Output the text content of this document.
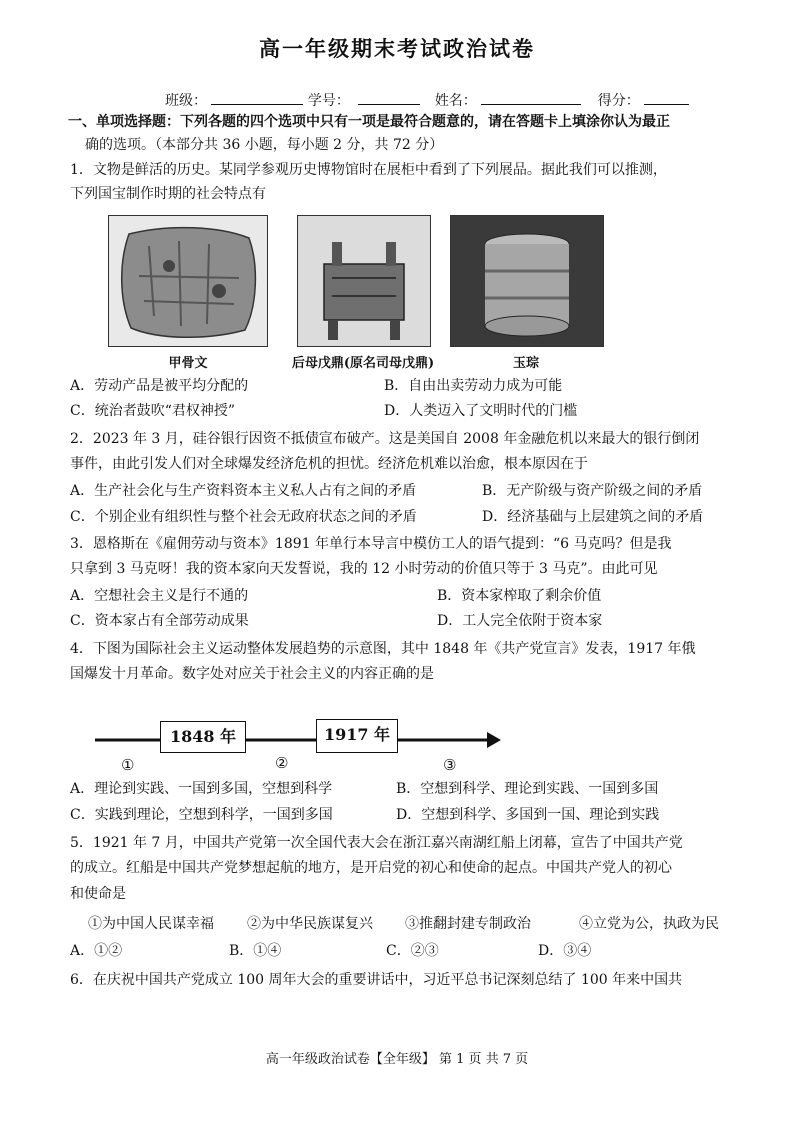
高一年级期末考试政治试卷
班级：	学号：	姓名：	得分：
一、单项选择题：下列各题的四个选项中只有一项是最符合题意的，请在答题卡上填涂你认为最正
确的选项。（本部分共 36 小题，每小题 2 分，共 72 分）
1．文物是鲜活的历史。某同学参观历史博物馆时在展柜中看到了下列展品。据此我们可以推测，
下列国宝制作时期的社会特点有
甲骨文	后母戊鼎(原名司母戊鼎)	玉琮
A．劳动产品是被平均分配的	B．自由出卖劳动力成为可能
C．统治者鼓吹“君权神授”	D．人类迈入了文明时代的门槛
2．2023 年 3 月，硅谷银行因资不抵债宣布破产。这是美国自 2008 年金融危机以来最大的银行倒闭
事件，由此引发人们对全球爆发经济危机的担忧。经济危机难以治愈，根本原因在于
A．生产社会化与生产资料资本主义私人占有之间的矛盾	B．无产阶级与资产阶级之间的矛盾
C．个别企业有组织性与整个社会无政府状态之间的矛盾	D．经济基础与上层建筑之间的矛盾
3．恩格斯在《雇佣劳动与资本》1891 年单行本导言中模仿工人的语气提到：“6 马克吗？但是我
只拿到 3 马克呀！我的资本家向天发誓说，我的 12 小时劳动的价值只等于 3 马克”。由此可见
A．空想社会主义是行不通的	B．资本家榨取了剩余价值
C．资本家占有全部劳动成果	D．工人完全依附于资本家
4．下图为国际社会主义运动整体发展趋势的示意图，其中 1848 年《共产党宣言》发表，1917 年俄
国爆发十月革命。数字处对应关于社会主义的内容正确的是
1848 年	1917 年
①	②	③
A．理论到实践、一国到多国，空想到科学	B．空想到科学、理论到实践、一国到多国
C．实践到理论，空想到科学，一国到多国	D．空想到科学、多国到一国、理论到实践
5．1921 年 7 月，中国共产党第一次全国代表大会在浙江嘉兴南湖红船上闭幕，宣告了中国共产党
的成立。红船是中国共产党梦想起航的地方，是开启党的初心和使命的起点。中国共产党人的初心
和使命是
①为中国人民谋幸福 ②为中华民族谋复兴 ③推翻封建专制政治	④立党为公，执政为民
A．①②	B．①④	C．②③	D．③④
6．在庆祝中国共产党成立 100 周年大会的重要讲话中，习近平总书记深刻总结了 100 年来中国共
高一年级政治试卷【全年级】 第 1 页 共 7 页
